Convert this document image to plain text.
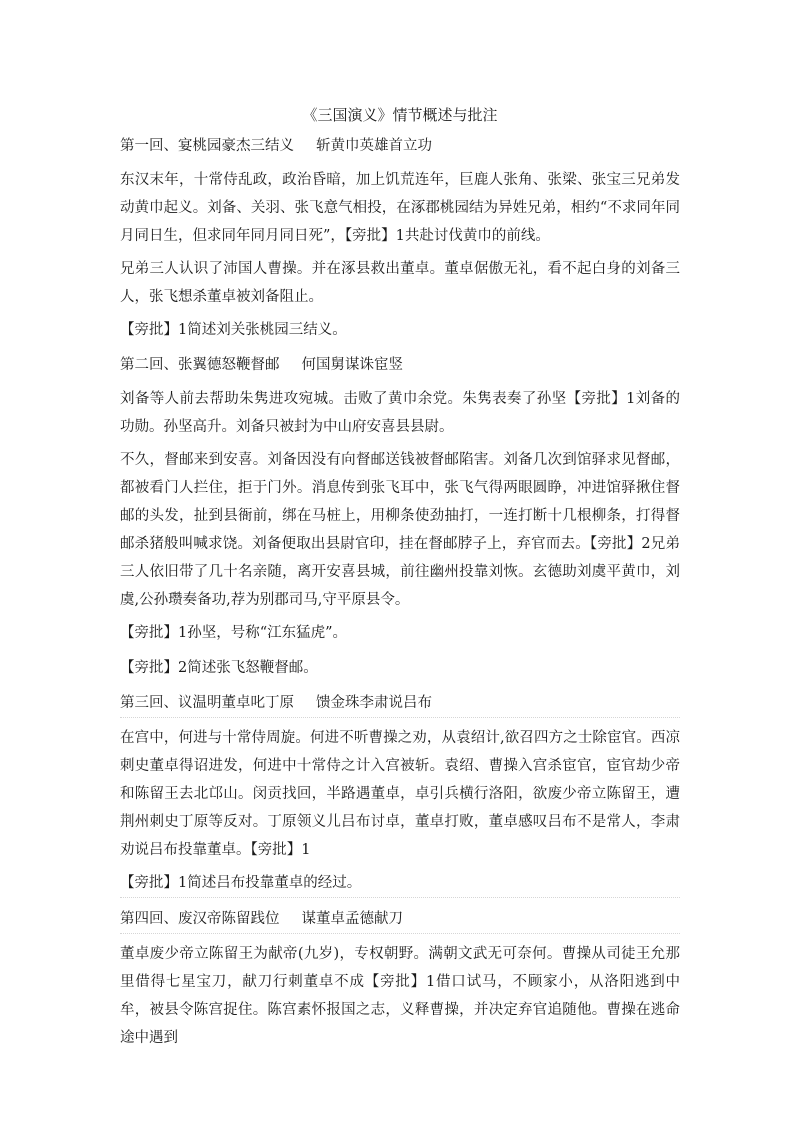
《三国演义》情节概述与批注
第一回、宴桃园豪杰三结义 斩黄巾英雄首立功

东汉末年，十常侍乱政，政治昏暗，加上饥荒连年，巨鹿人张角、张梁、张宝三兄弟发动黄巾起义。刘备、关羽、张飞意气相投，在涿郡桃园结为异姓兄弟，相约“不求同年同月同日生，但求同年同月同日死”，【旁批】1共赴讨伐黄巾的前线。

兄弟三人认识了沛国人曹操。并在涿县救出董卓。董卓倨傲无礼，看不起白身的刘备三人，张飞想杀董卓被刘备阻止。

【旁批】1简述刘关张桃园三结义。

第二回、张翼德怒鞭督邮 何国舅谋诛宦竖

刘备等人前去帮助朱隽进攻宛城。击败了黄巾余党。朱隽表奏了孙坚【旁批】1刘备的功勋。孙坚高升。刘备只被封为中山府安喜县县尉。

不久，督邮来到安喜。刘备因没有向督邮送钱被督邮陷害。刘备几次到馆驿求见督邮，都被看门人拦住，拒于门外。消息传到张飞耳中，张飞气得两眼圆睁，冲进馆驿揪住督邮的头发，扯到县衙前，绑在马桩上，用柳条使劲抽打，一连打断十几根柳条，打得督邮杀猪般叫喊求饶。刘备便取出县尉官印，挂在督邮脖子上，弃官而去。【旁批】2兄弟三人依旧带了几十名亲随，离开安喜县城，前往幽州投靠刘恢。玄德助刘虞平黄巾，刘虞,公孙瓒奏备功,荐为别郡司马,守平原县令。

【旁批】1孙坚，号称“江东猛虎”。

【旁批】2简述张飞怒鞭督邮。

第三回、议温明董卓叱丁原 馈金珠李肃说吕布

在宫中，何进与十常侍周旋。何进不听曹操之劝，从袁绍计,欲召四方之士除宦官。西凉刺史董卓得诏进发，何进中十常侍之计入宫被斩。袁绍、曹操入宫杀宦官，宦官劫少帝和陈留王去北邙山。闵贡找回，半路遇董卓，卓引兵横行洛阳，欲废少帝立陈留王，遭荆州刺史丁原等反对。丁原领义儿吕布讨卓，董卓打败，董卓感叹吕布不是常人，李肃劝说吕布投靠董卓。【旁批】1

【旁批】1简述吕布投靠董卓的经过。

第四回、废汉帝陈留践位 谋董卓孟德献刀

董卓废少帝立陈留王为献帝(九岁)，专权朝野。满朝文武无可奈何。曹操从司徒王允那里借得七星宝刀，献刀行刺董卓不成【旁批】1借口试马，不顾家小，从洛阳逃到中牟，被县令陈宫捉住。陈宫素怀报国之志，义释曹操，并决定弃官追随他。曹操在逃命途中遇到
